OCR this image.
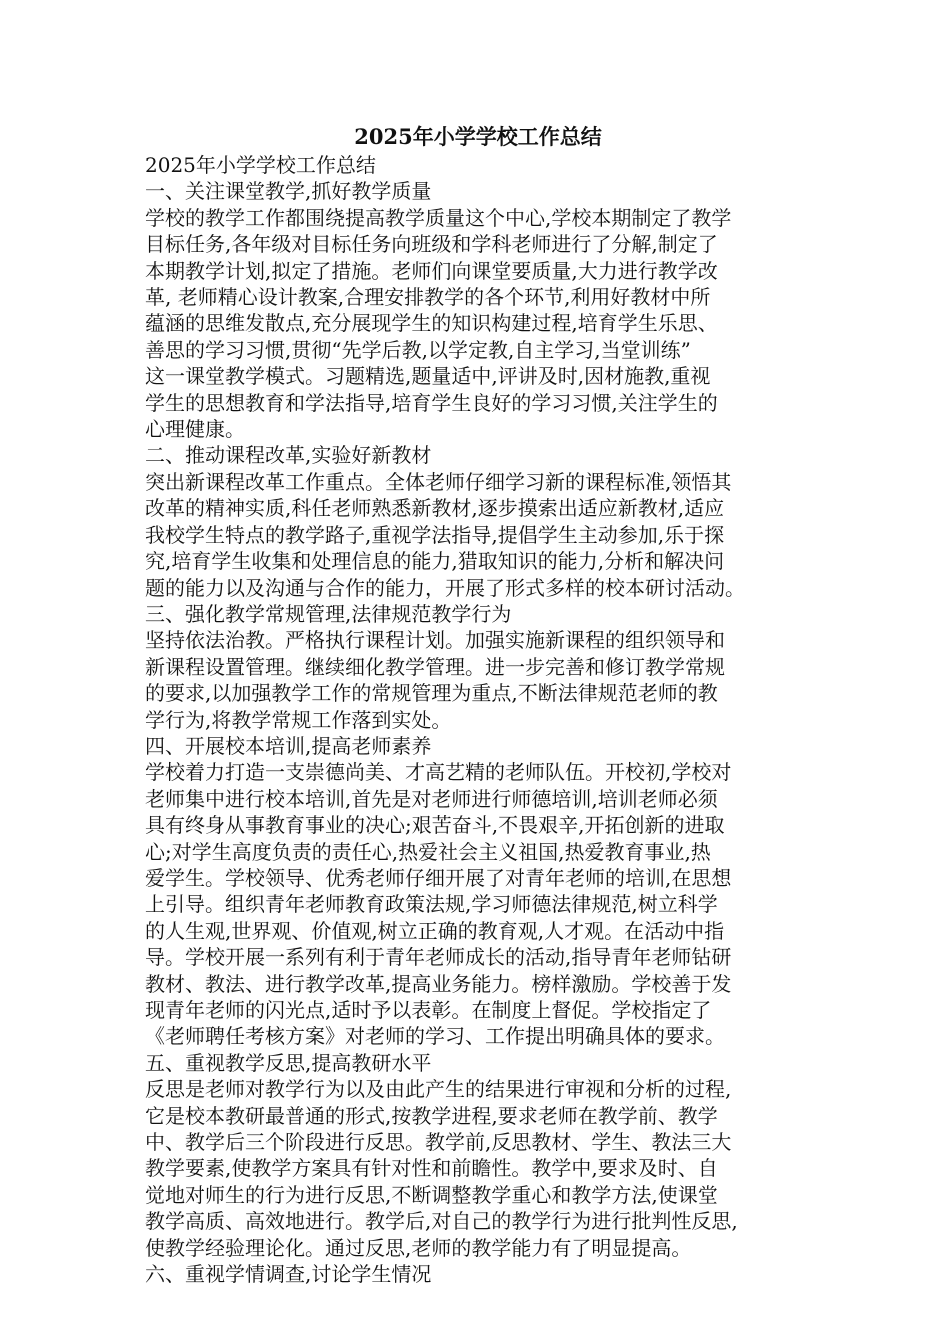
2025年小学学校工作总结

2025年小学学校工作总结

一、关注课堂教学,抓好教学质量

学校的教学工作都围绕提高教学质量这个中心,学校本期制定了教学

目标任务,各年级对目标任务向班级和学科老师进行了分解,制定了

本期教学计划,拟定了措施。老师们向课堂要质量,大力进行教学改

革, 老师精心设计教案,合理安排教学的各个环节,利用好教材中所

蕴涵的思维发散点,充分展现学生的知识构建过程,培育学生乐思、

善思的学习习惯,贯彻“先学后教,以学定教,自主学习,当堂训练”

这一课堂教学模式。习题精选,题量适中,评讲及时,因材施教,重视

学生的思想教育和学法指导,培育学生良好的学习习惯,关注学生的

心理健康。

二、推动课程改革,实验好新教材

突出新课程改革工作重点。全体老师仔细学习新的课程标准,领悟其

改革的精神实质,科任老师熟悉新教材,逐步摸索出适应新教材,适应

我校学生特点的教学路子,重视学法指导,提倡学生主动参加,乐于探

究,培育学生收集和处理信息的能力,猎取知识的能力,分析和解决问

题的能力以及沟通与合作的能力，开展了形式多样的校本研讨活动。

三、强化教学常规管理,法律规范教学行为

坚持依法治教。严格执行课程计划。加强实施新课程的组织领导和

新课程设置管理。继续细化教学管理。进一步完善和修订教学常规

的要求,以加强教学工作的常规管理为重点,不断法律规范老师的教

学行为,将教学常规工作落到实处。

四、开展校本培训,提高老师素养

学校着力打造一支崇德尚美、才高艺精的老师队伍。开校初,学校对

老师集中进行校本培训,首先是对老师进行师德培训,培训老师必须

具有终身从事教育事业的决心;艰苦奋斗,不畏艰辛,开拓创新的进取

心;对学生高度负责的责任心,热爱社会主义祖国,热爱教育事业,热

爱学生。学校领导、优秀老师仔细开展了对青年老师的培训,在思想

上引导。组织青年老师教育政策法规,学习师德法律规范,树立科学

的人生观,世界观、价值观,树立正确的教育观,人才观。在活动中指

导。学校开展一系列有利于青年老师成长的活动,指导青年老师钻研

教材、教法、进行教学改革,提高业务能力。榜样激励。学校善于发

现青年老师的闪光点,适时予以表彰。在制度上督促。学校指定了

《老师聘任考核方案》对老师的学习、工作提出明确具体的要求。

五、重视教学反思,提高教研水平

反思是老师对教学行为以及由此产生的结果进行审视和分析的过程,

它是校本教研最普通的形式,按教学进程,要求老师在教学前、教学

中、教学后三个阶段进行反思。教学前,反思教材、学生、教法三大

教学要素,使教学方案具有针对性和前瞻性。教学中,要求及时、自

觉地对师生的行为进行反思,不断调整教学重心和教学方法,使课堂

教学高质、高效地进行。教学后,对自己的教学行为进行批判性反思,

使教学经验理论化。通过反思,老师的教学能力有了明显提高。

六、重视学情调查,讨论学生情况
